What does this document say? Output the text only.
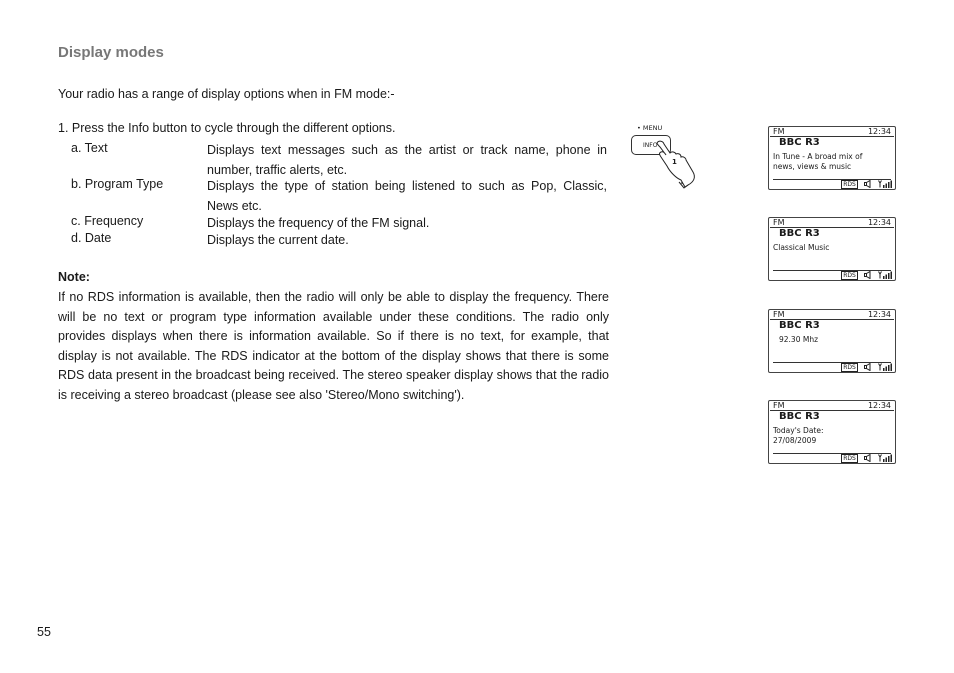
Display modes
Your radio has a range of display options when in FM mode:-
1. Press the Info button to cycle through the different options.
a. Text	Displays text messages such as the artist or track name, phone in number, traffic alerts, etc.
b. Program Type	Displays the type of station being listened to such as Pop, Classic, News etc.
c. Frequency	Displays the frequency of the FM signal.
d. Date	Displays the current date.
Note:
If no RDS information is available, then the radio will only be able to display the frequency. There will be no text or program type information available under these conditions. The radio only provides displays when there is information available. So if there is no text, for example, that display is not available. The RDS indicator at the bottom of the display shows that there is some RDS data present in the broadcast being received. The stereo speaker display shows that the radio is receiving a stereo broadcast (please see also 'Stereo/Mono switching').
• MENU
INFO
1
FM	12:34
BBC R3
In Tune - A broad mix of
news, views & music
RDS
FM	12:34
BBC R3
Classical Music
RDS
FM	12:34
BBC R3
92.30 Mhz
RDS
FM	12:34
BBC R3
Today's Date:
27/08/2009
RDS
55
